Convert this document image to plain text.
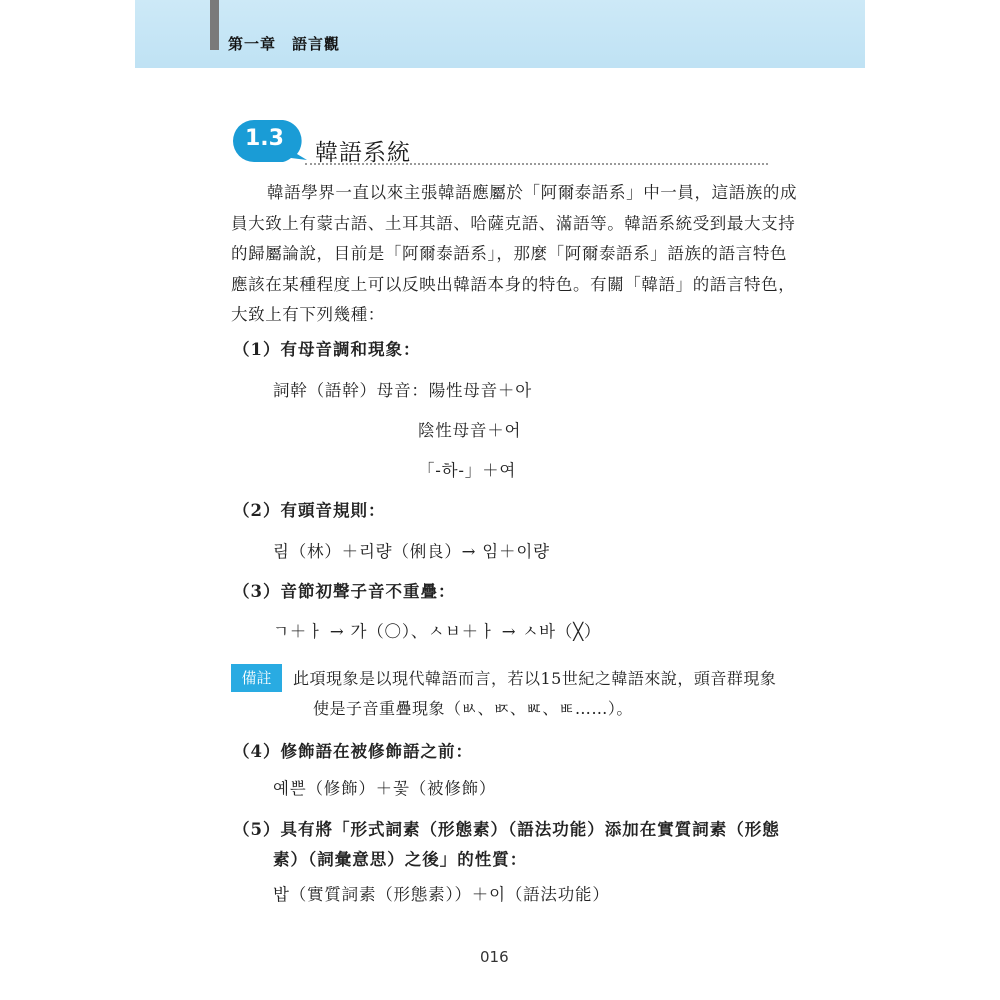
第一章　語言觀
1.3
韓語系統
韓語學界一直以來主張韓語應屬於「阿爾泰語系」中一員，這語族的成
員大致上有蒙古語、土耳其語、哈薩克語、滿語等。韓語系統受到最大支持
的歸屬論說，目前是「阿爾泰語系」，那麼「阿爾泰語系」語族的語言特色
應該在某種程度上可以反映出韓語本身的特色。有關「韓語」的語言特色，
大致上有下列幾種：
（1）有母音調和現象：
詞幹（語幹）母音：陽性母音＋아
陰性母音＋어
「-하-」＋여
（2）有頭音規則：
림（林）＋리량（俐良）→ 임＋이량
（3）音節初聲子音不重疊：
ㄱ＋ㅏ → 가（〇）、ㅅㅂ＋ㅏ → ㅅ바（╳）
備註	此項現象是以現代韓語而言，若以15世紀之韓語來說，頭音群現象
使是子音重疊現象（ㅄ、ㅶ、ㅵ、ㅷ……）。
（4）修飾語在被修飾語之前：
예쁜（修飾）＋꽃（被修飾）
（5）具有將「形式詞素（形態素）（語法功能）添加在實質詞素（形態
素）（詞彙意思）之後」的性質：
밥（實質詞素（形態素））＋이（語法功能）
016
